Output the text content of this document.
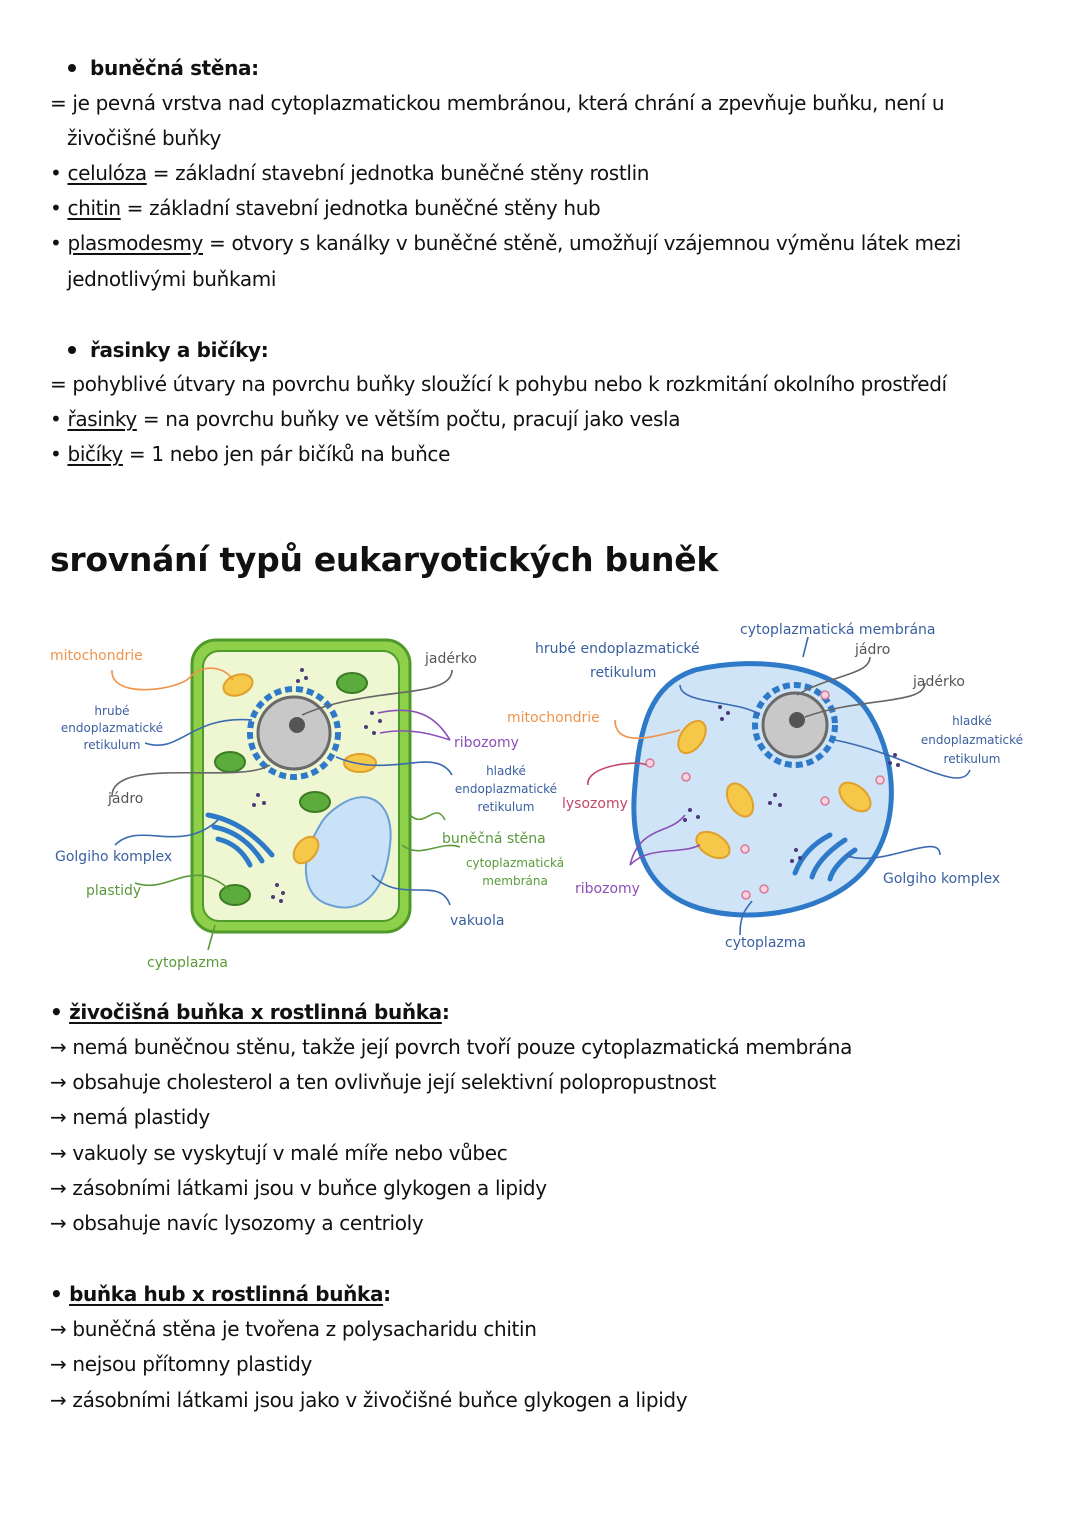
buněčná stěna:
= je pevná vrstva nad cytoplazmatickou membránou, která chrání a zpevňuje buňku, není u
živočišné buňky
• celulóza = základní stavební jednotka buněčné stěny rostlin
• chitin = základní stavební jednotka buněčné stěny hub
• plasmodesmy = otvory s kanálky v buněčné stěně, umožňují vzájemnou výměnu látek mezi
jednotlivými buňkami
řasinky a bičíky:
= pohyblivé útvary na povrchu buňky sloužící k pohybu nebo k rozkmitání okolního prostředí
• řasinky = na povrchu buňky ve větším počtu, pracují jako vesla
• bičíky = 1 nebo jen pár bičíků na buňce
srovnání typů eukaryotických buněk
mitochondrie
hrubé
endoplazmatické
retikulum
jádro
Golgiho komplex
plastidy
cytoplazma
jadérko
ribozomy
hladké
endoplazmatické
retikulum
buněčná stěna
cytoplazmatická
membrána
vakuola
hrubé endoplazmatické
retikulum
cytoplazmatická membrána
jádro
jadérko
mitochondrie	hladké
endoplazmatické
retikulum
lysozomy
ribozomy
Golgiho komplex
cytoplazma
• živočišná buňka x rostlinná buňka:
→ nemá buněčnou stěnu, takže její povrch tvoří pouze cytoplazmatická membrána
→ obsahuje cholesterol a ten ovlivňuje její selektivní polopropustnost
→ nemá plastidy
→ vakuoly se vyskytují v malé míře nebo vůbec
→ zásobními látkami jsou v buňce glykogen a lipidy
→ obsahuje navíc lysozomy a centrioly
• buňka hub x rostlinná buňka:
→ buněčná stěna je tvořena z polysacharidu chitin
→ nejsou přítomny plastidy
→ zásobními látkami jsou jako v živočišné buňce glykogen a lipidy
